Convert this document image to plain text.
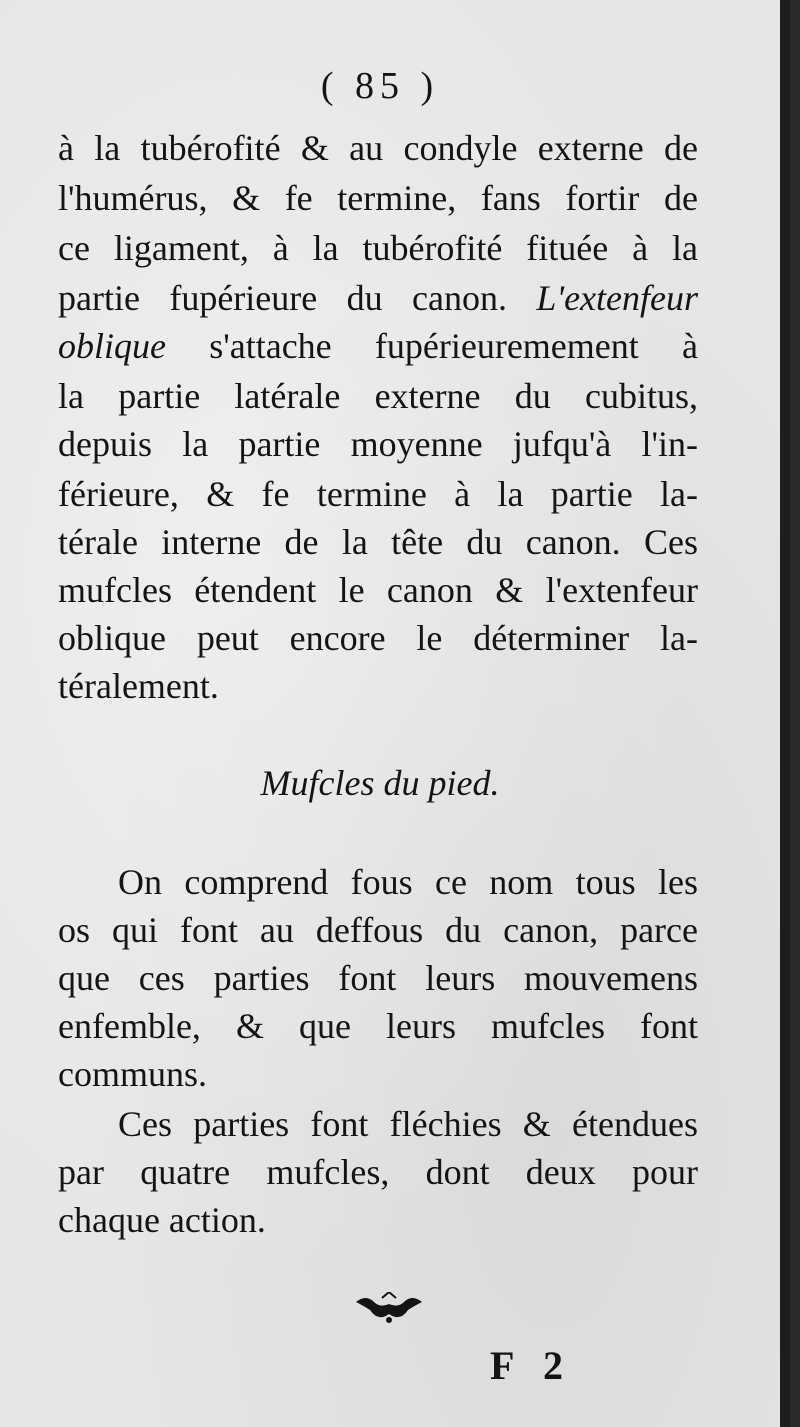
( 85 )
à la tubérofité & au condyle externe de
l'humérus, & fe termine, fans fortir de
ce ligament, à la tubérofité fituée à la
partie fupérieure du canon. L'extenfeur
oblique s'attache fupérieuremement à
la partie latérale externe du cubitus,
depuis la partie moyenne jufqu'à l'in-
férieure, & fe termine à la partie la-
térale interne de la tête du canon. Ces
mufcles étendent le canon & l'extenfeur
oblique peut encore le déterminer la-
téralement.
Mufcles du pied.
On comprend fous ce nom tous les
os qui font au deffous du canon, parce
que ces parties font leurs mouvemens
enfemble, & que leurs mufcles font
communs.
Ces parties font fléchies & étendues
par quatre mufcles, dont deux pour
chaque action.
F 2
